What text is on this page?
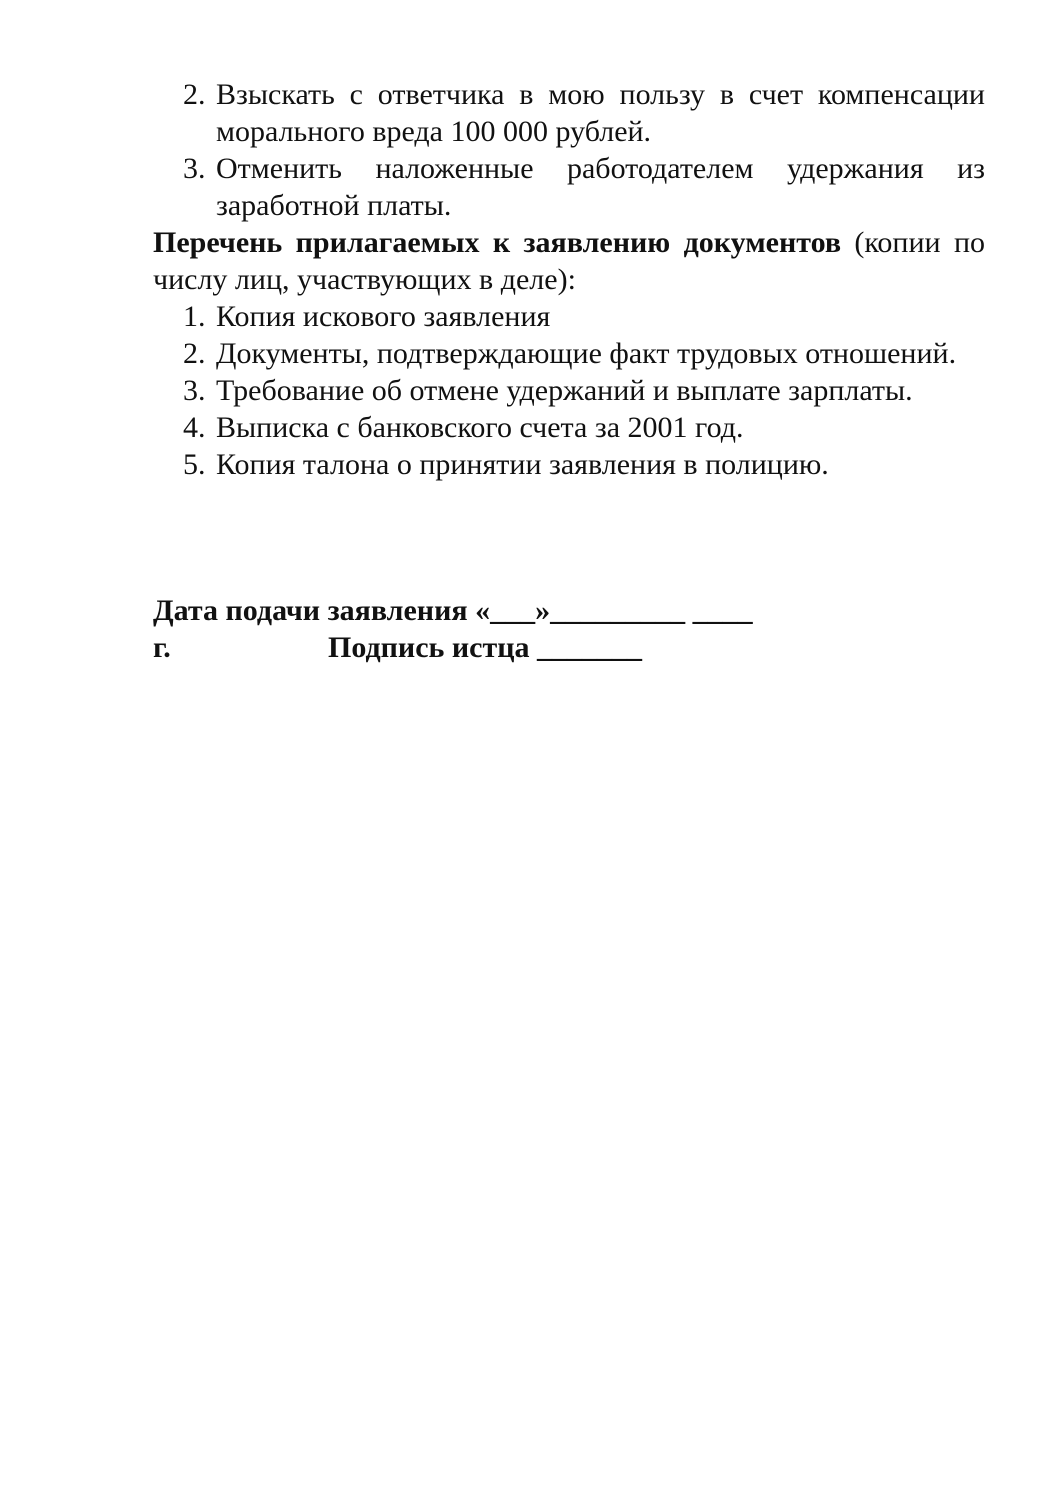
2. Взыскать с ответчика в мою пользу в счет компенсации морального вреда 100 000 рублей.
3. Отменить наложенные работодателем удержания из заработной платы.

Перечень прилагаемых к заявлению документов (копии по числу лиц, участвующих в деле):

1. Копия искового заявления
2. Документы, подтверждающие факт трудовых отношений.
3. Требование об отмене удержаний и выплате зарплаты.
4. Выписка с банковского счета за 2001 год.
5. Копия талона о принятии заявления в полицию.
Дата подачи заявления «___»_________ ____
г.	Подпись истца _______
